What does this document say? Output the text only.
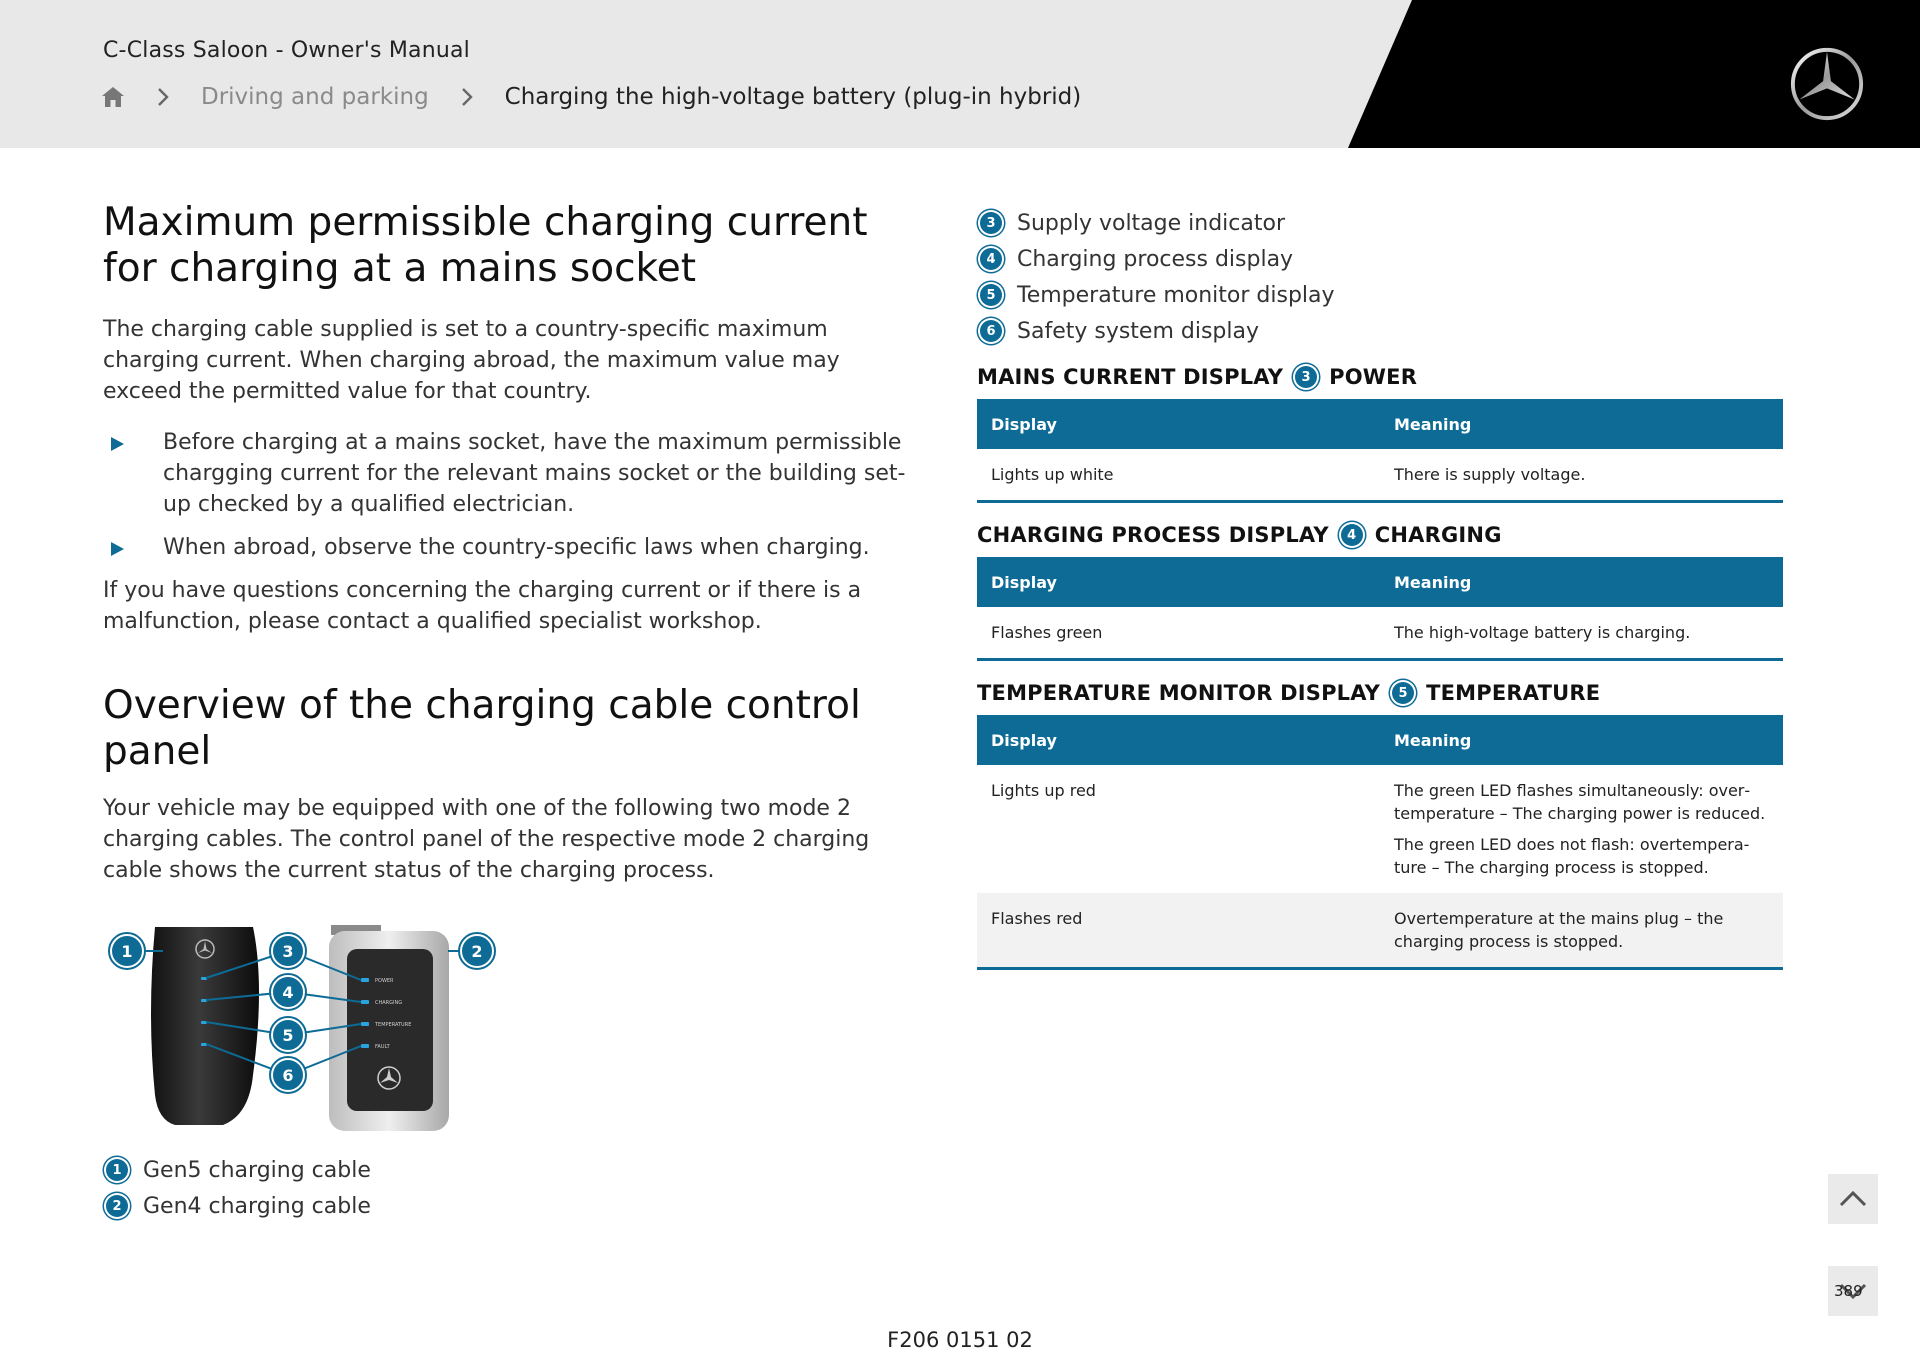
C-Class Saloon - Owner's Manual
Driving and parking	Charging the high-voltage battery (plug-in hybrid)
Maximum permissible charging current for charging at a mains socket

The charging cable supplied is set to a country-specific maximum charging current. When charging abroad, the maximum value may exceed the permitted value for that country.

Before charging at a mains socket, have the maximum permissible chargging current for the relevant mains socket or the building set-up checked by a qualified electrician.
When abroad, observe the country-specific laws when charging.

If you have questions concerning the charging current or if there is a malfunction, please contact a qualified specialist workshop.

Overview of the charging cable control panel

Your vehicle may be equipped with one of the following two mode 2 charging cables. The control panel of the respective mode 2 charging cable shows the current status of the charging process.

POWER
CHARGING
TEMPERATURE
FAULT
1	2
3
4
5
6
1 Gen5 charging cable
2 Gen4 charging cable
3 Supply voltage indicator
4 Charging process display
5 Temperature monitor display
6 Safety system display
MAINS CURRENT DISPLAY	3 POWER
Display	Meaning
Lights up white	There is supply voltage.

CHARGING PROCESS DISPLAY	4 CHARGING
Display	Meaning
Flashes green	The high-voltage battery is charging.

TEMPERATURE MONITOR DISPLAY	5 TEMPERATURE
Display	Meaning
Lights up red	The green LED flashes simultaneously: overtemperature – The charging power is reduced.

The green LED does not flash: overtemperature – The charging process is stopped.

Flashes red	Overtemperature at the mains plug – the charging process is stopped.

389
F206 0151 02
